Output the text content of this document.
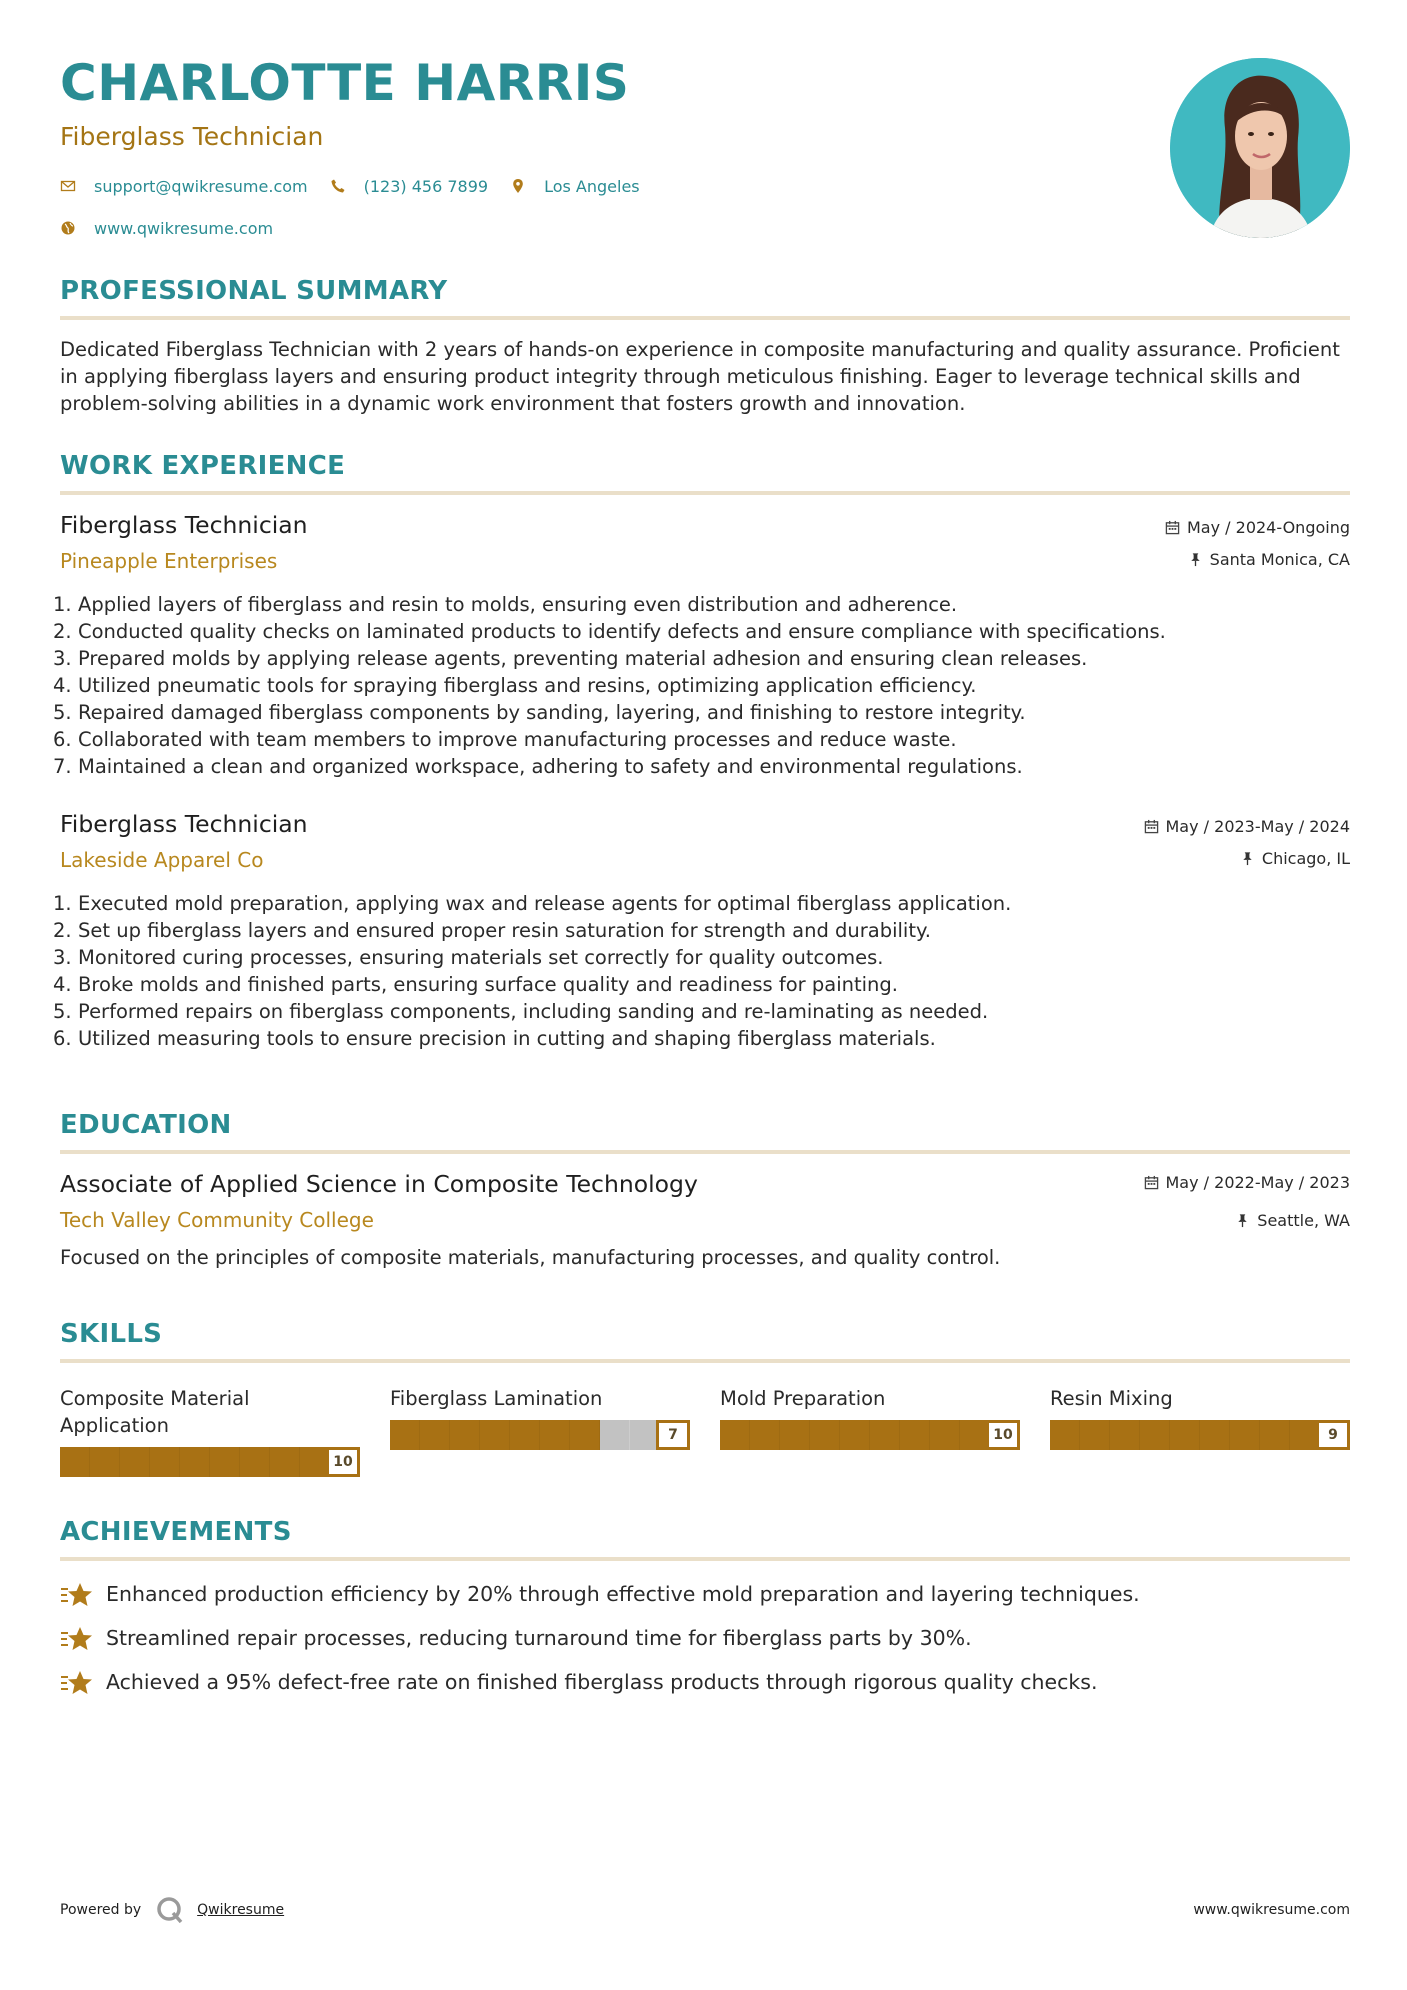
CHARLOTTE HARRIS
Fiberglass Technician
support@qwikresume.com	(123) 456 7899	Los Angeles
www.qwikresume.com
PROFESSIONAL SUMMARY
Dedicated Fiberglass Technician with 2 years of hands-on experience in composite manufacturing and quality assurance. Proficient in applying fiberglass layers and ensuring product integrity through meticulous finishing. Eager to leverage technical skills and problem-solving abilities in a dynamic work environment that fosters growth and innovation.
WORK EXPERIENCE
Fiberglass Technician
Pineapple Enterprises
May / 2024-Ongoing
Santa Monica, CA
1. Applied layers of fiberglass and resin to molds, ensuring even distribution and adherence.
2. Conducted quality checks on laminated products to identify defects and ensure compliance with specifications.
3. Prepared molds by applying release agents, preventing material adhesion and ensuring clean releases.
4. Utilized pneumatic tools for spraying fiberglass and resins, optimizing application efficiency.
5. Repaired damaged fiberglass components by sanding, layering, and finishing to restore integrity.
6. Collaborated with team members to improve manufacturing processes and reduce waste.
7. Maintained a clean and organized workspace, adhering to safety and environmental regulations.
Fiberglass Technician
Lakeside Apparel Co
May / 2023-May / 2024
Chicago, IL
1. Executed mold preparation, applying wax and release agents for optimal fiberglass application.
2. Set up fiberglass layers and ensured proper resin saturation for strength and durability.
3. Monitored curing processes, ensuring materials set correctly for quality outcomes.
4. Broke molds and finished parts, ensuring surface quality and readiness for painting.
5. Performed repairs on fiberglass components, including sanding and re-laminating as needed.
6. Utilized measuring tools to ensure precision in cutting and shaping fiberglass materials.
EDUCATION
Associate of Applied Science in Composite Technology
Tech Valley Community College
May / 2022-May / 2023
Seattle, WA
Focused on the principles of composite materials, manufacturing processes, and quality control.
SKILLS
Composite Material Application
10
Fiberglass Lamination
7
Mold Preparation
10
Resin Mixing
9
ACHIEVEMENTS
Enhanced production efficiency by 20% through effective mold preparation and layering techniques.
Streamlined repair processes, reducing turnaround time for fiberglass parts by 30%.
Achieved a 95% defect-free rate on finished fiberglass products through rigorous quality checks.
Powered by	Qwikresume	www.qwikresume.com
